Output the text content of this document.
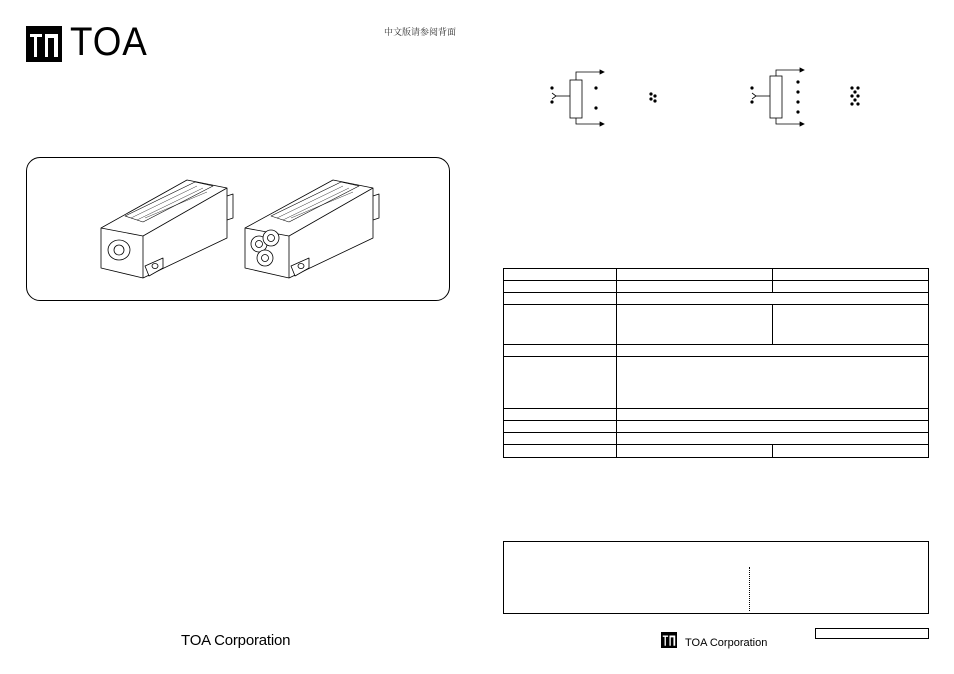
TOA	中文版请参阅背面

TOA Corporation	TOA Corporation
